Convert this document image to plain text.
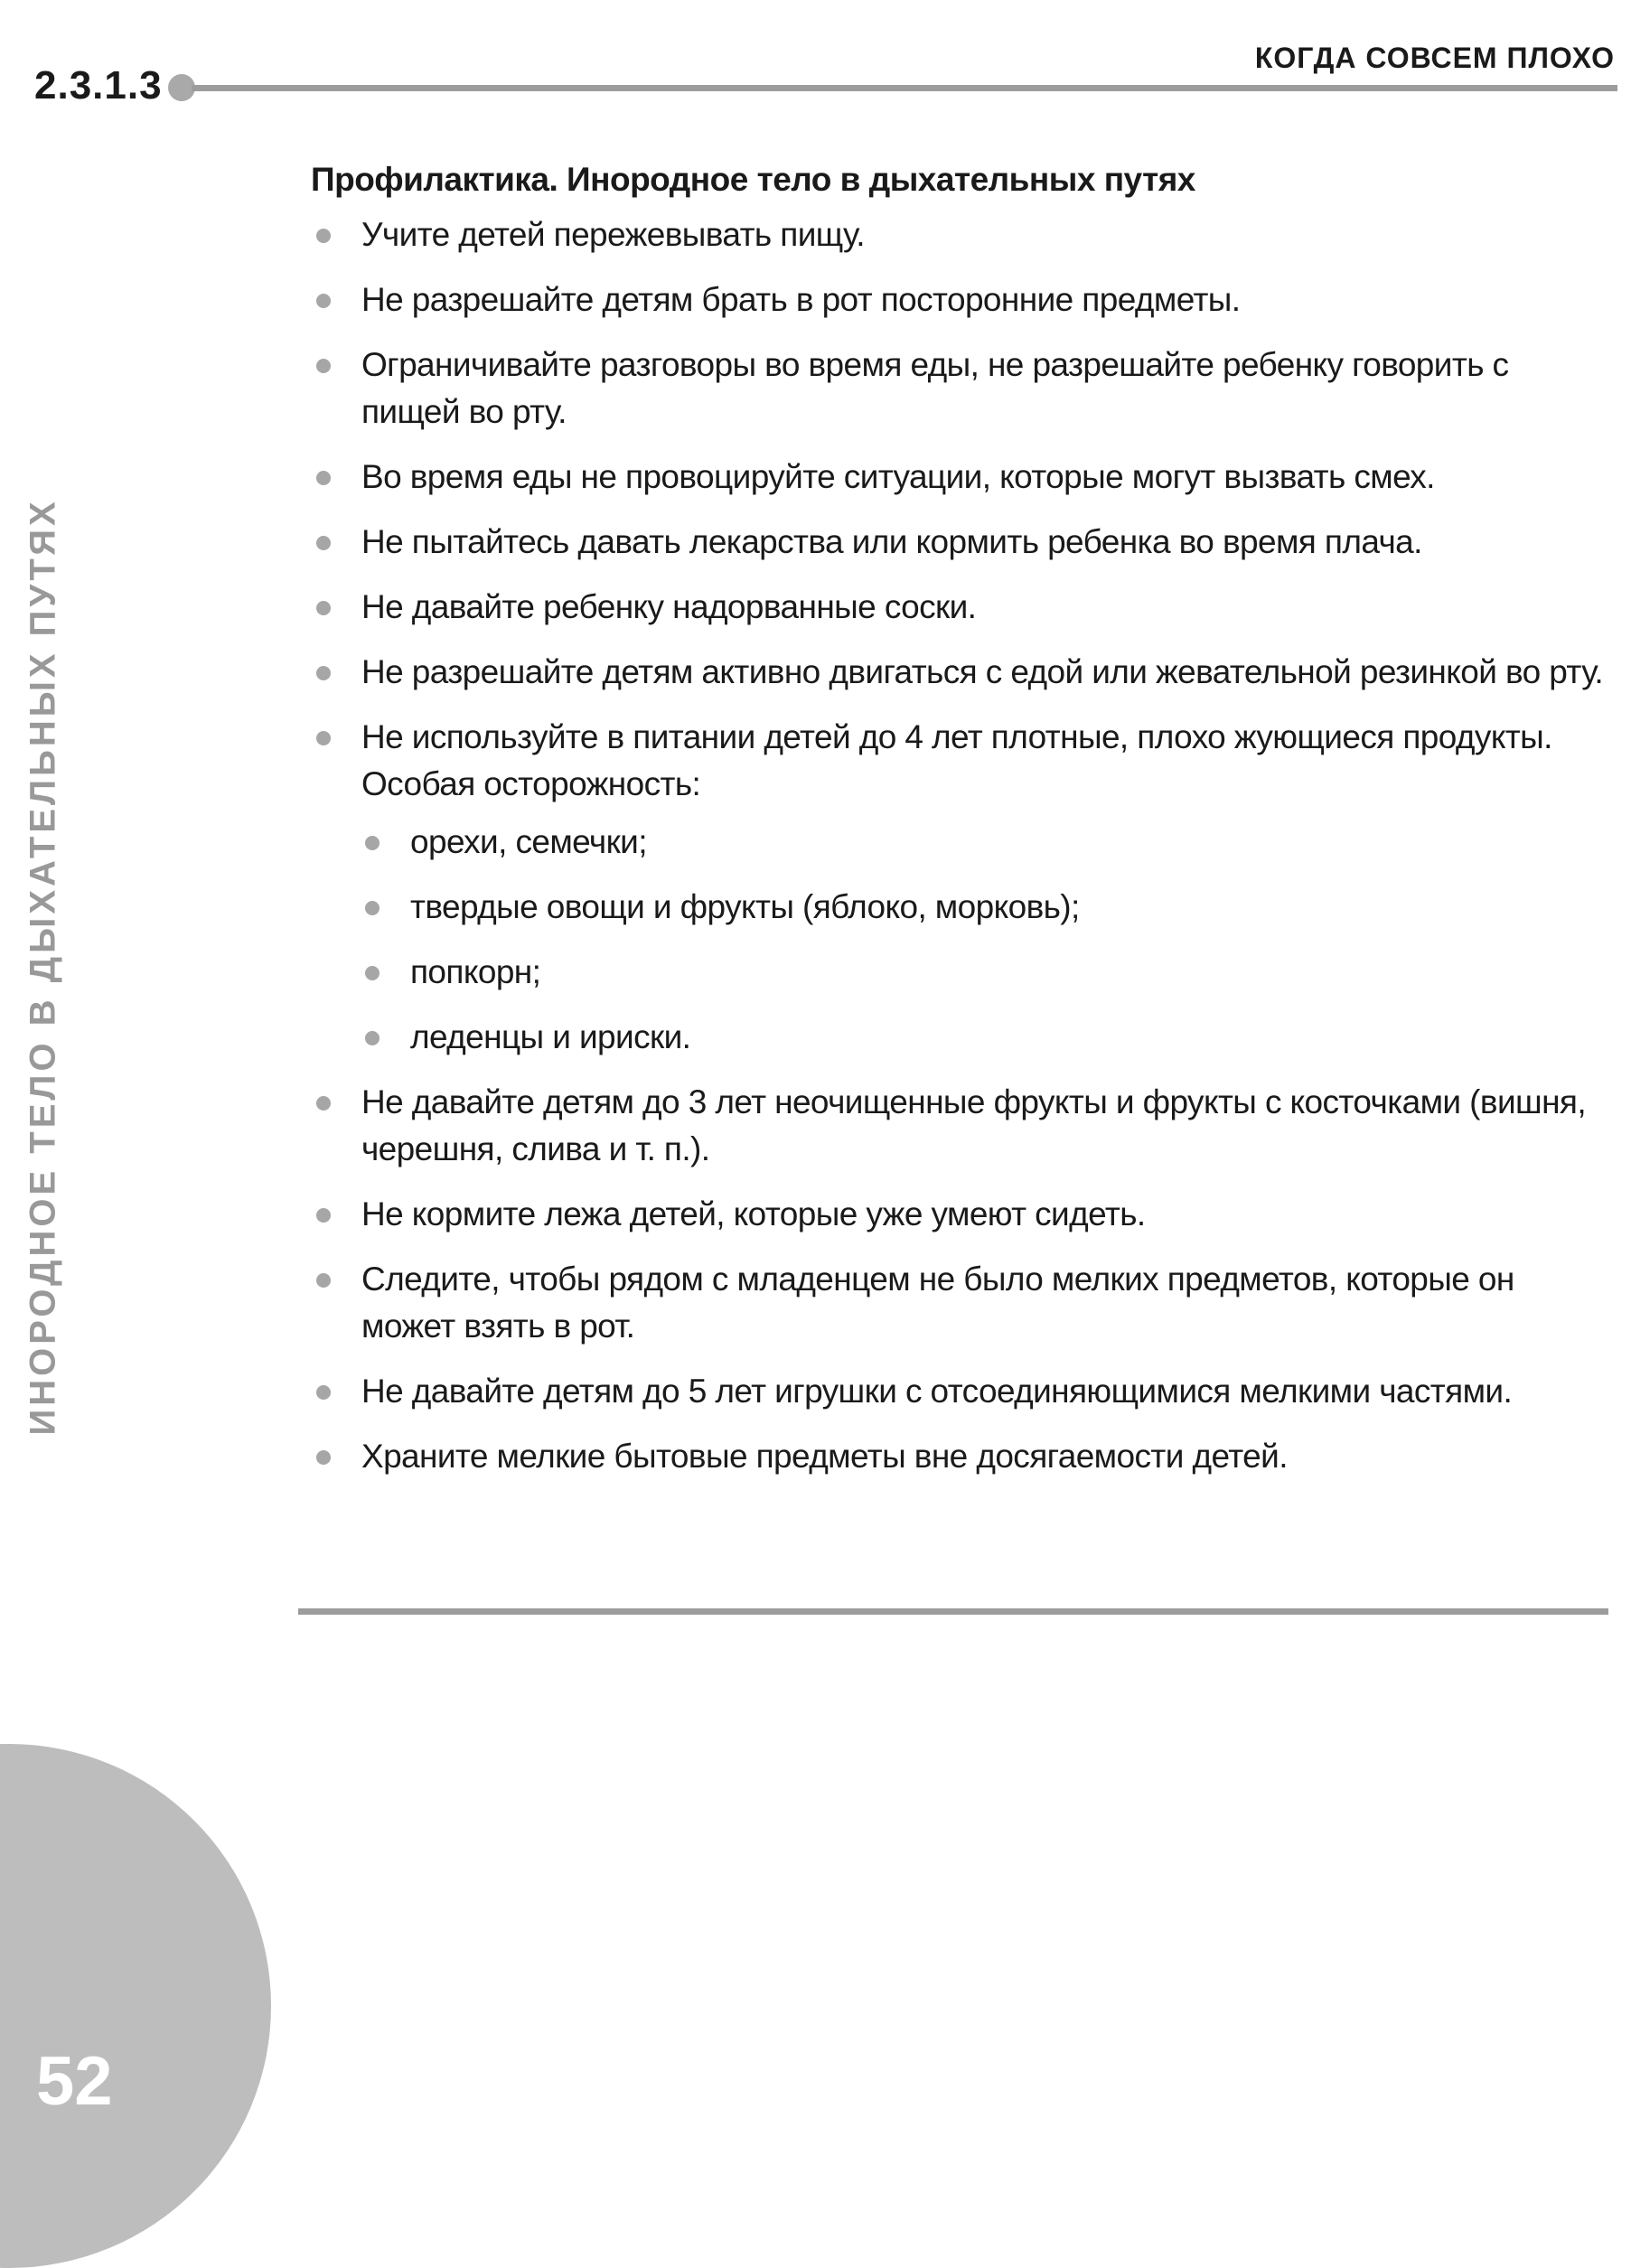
2.3.1.3
КОГДА СОВСЕМ ПЛОХО
ИНОРОДНОЕ ТЕЛО В ДЫХАТЕЛЬНЫХ ПУТЯХ
52
Профилактика. Инородное тело в дыхательных путях
Учите детей пережевывать пищу.
Не разрешайте детям брать в рот посторонние предметы.
Ограничивайте разговоры во время еды, не разрешайте ребенку говорить с пищей во рту.
Во время еды не провоцируйте ситуации, которые могут вызвать смех.
Не пытайтесь давать лекарства или кормить ребенка во время плача.
Не давайте ребенку надорванные соски.
Не разрешайте детям активно двигаться с едой или жевательной резинкой во рту.
Не используйте в питании детей до 4 лет плотные, плохо жующиеся продукты. Особая осторожность:
орехи, семечки;
твердые овощи и фрукты (яблоко, морковь);
попкорн;
леденцы и ириски.
Не давайте детям до 3 лет неочищенные фрукты и фрукты с косточками (вишня, черешня, слива и т. п.).
Не кормите лежа детей, которые уже умеют сидеть.
Следите, чтобы рядом с младенцем не было мелких предметов, которые он может взять в рот.
Не давайте детям до 5 лет игрушки с отсоединяющимися мелкими частями.
Храните мелкие бытовые предметы вне досягаемости детей.
